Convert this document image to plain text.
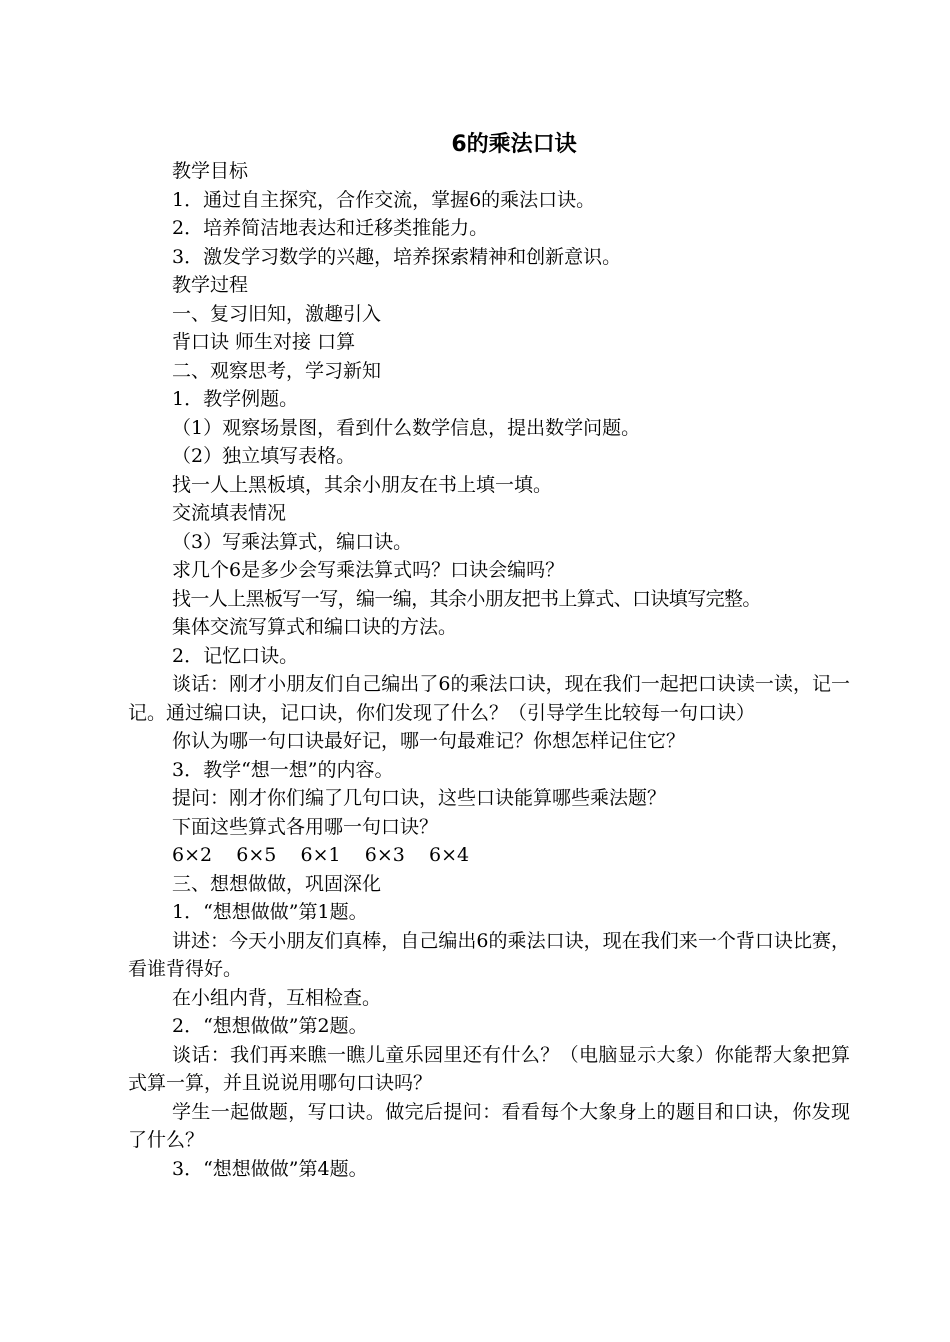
6的乘法口诀

教学目标

1．通过自主探究，合作交流，掌握6的乘法口诀。

2．培养简洁地表达和迁移类推能力。

3．激发学习数学的兴趣，培养探索精神和创新意识。

教学过程

一、复习旧知，激趣引入

背口诀 师生对接 口算

二、观察思考，学习新知

1．教学例题。

（1）观察场景图，看到什么数学信息，提出数学问题。

（2）独立填写表格。

找一人上黑板填，其余小朋友在书上填一填。

交流填表情况

（3）写乘法算式，编口诀。

求几个6是多少会写乘法算式吗？口诀会编吗？

找一人上黑板写一写，编一编，其余小朋友把书上算式、口诀填写完整。

集体交流写算式和编口诀的方法。

2．记忆口诀。

谈话：刚才小朋友们自己编出了6的乘法口诀，现在我们一起把口诀读一读，记一记。通过编口诀，记口诀，你们发现了什么？（引导学生比较每一句口诀）

你认为哪一句口诀最好记，哪一句最难记？你想怎样记住它？

3．教学“想一想”的内容。

提问：刚才你们编了几句口诀，这些口诀能算哪些乘法题？

下面这些算式各用哪一句口诀？

6×2    6×5    6×1    6×3    6×4

三、想想做做，巩固深化

1．“想想做做”第1题。

讲述：今天小朋友们真棒，自己编出6的乘法口诀，现在我们来一个背口诀比赛，看谁背得好。

在小组内背，互相检查。

2．“想想做做”第2题。

谈话：我们再来瞧一瞧儿童乐园里还有什么？（电脑显示大象）你能帮大象把算式算一算，并且说说用哪句口诀吗？

学生一起做题，写口诀。做完后提问：看看每个大象身上的题目和口诀，你发现了什么？

3．“想想做做”第4题。
